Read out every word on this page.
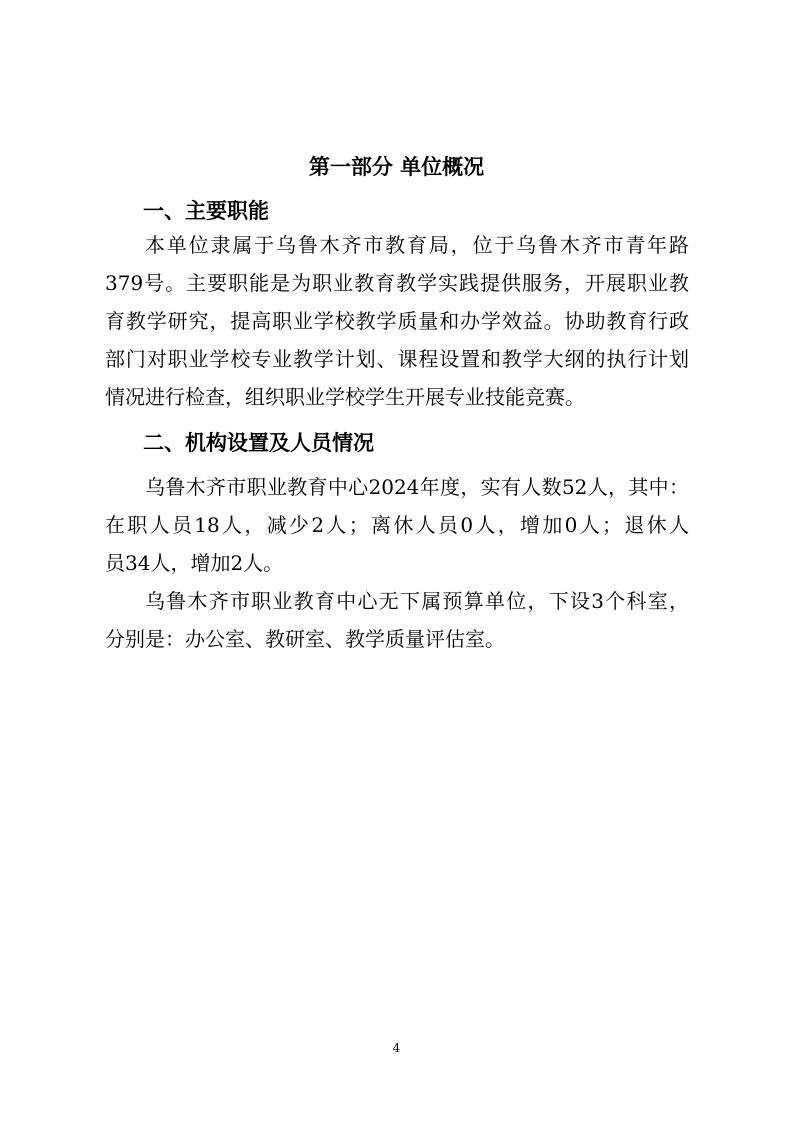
第一部分 单位概况
一、主要职能
本单位隶属于乌鲁木齐市教育局，位于乌鲁木齐市青年路
379号。主要职能是为职业教育教学实践提供服务，开展职业教
育教学研究，提高职业学校教学质量和办学效益。协助教育行政
部门对职业学校专业教学计划、课程设置和教学大纲的执行计划
情况进行检查，组织职业学校学生开展专业技能竞赛。
二、机构设置及人员情况
乌鲁木齐市职业教育中心2024年度，实有人数52人，其中：
在职人员18人，减少2人；离休人员0人，增加0人；退休人
员34人，增加2人。
乌鲁木齐市职业教育中心无下属预算单位，下设3个科室，
分别是：办公室、教研室、教学质量评估室。
4
